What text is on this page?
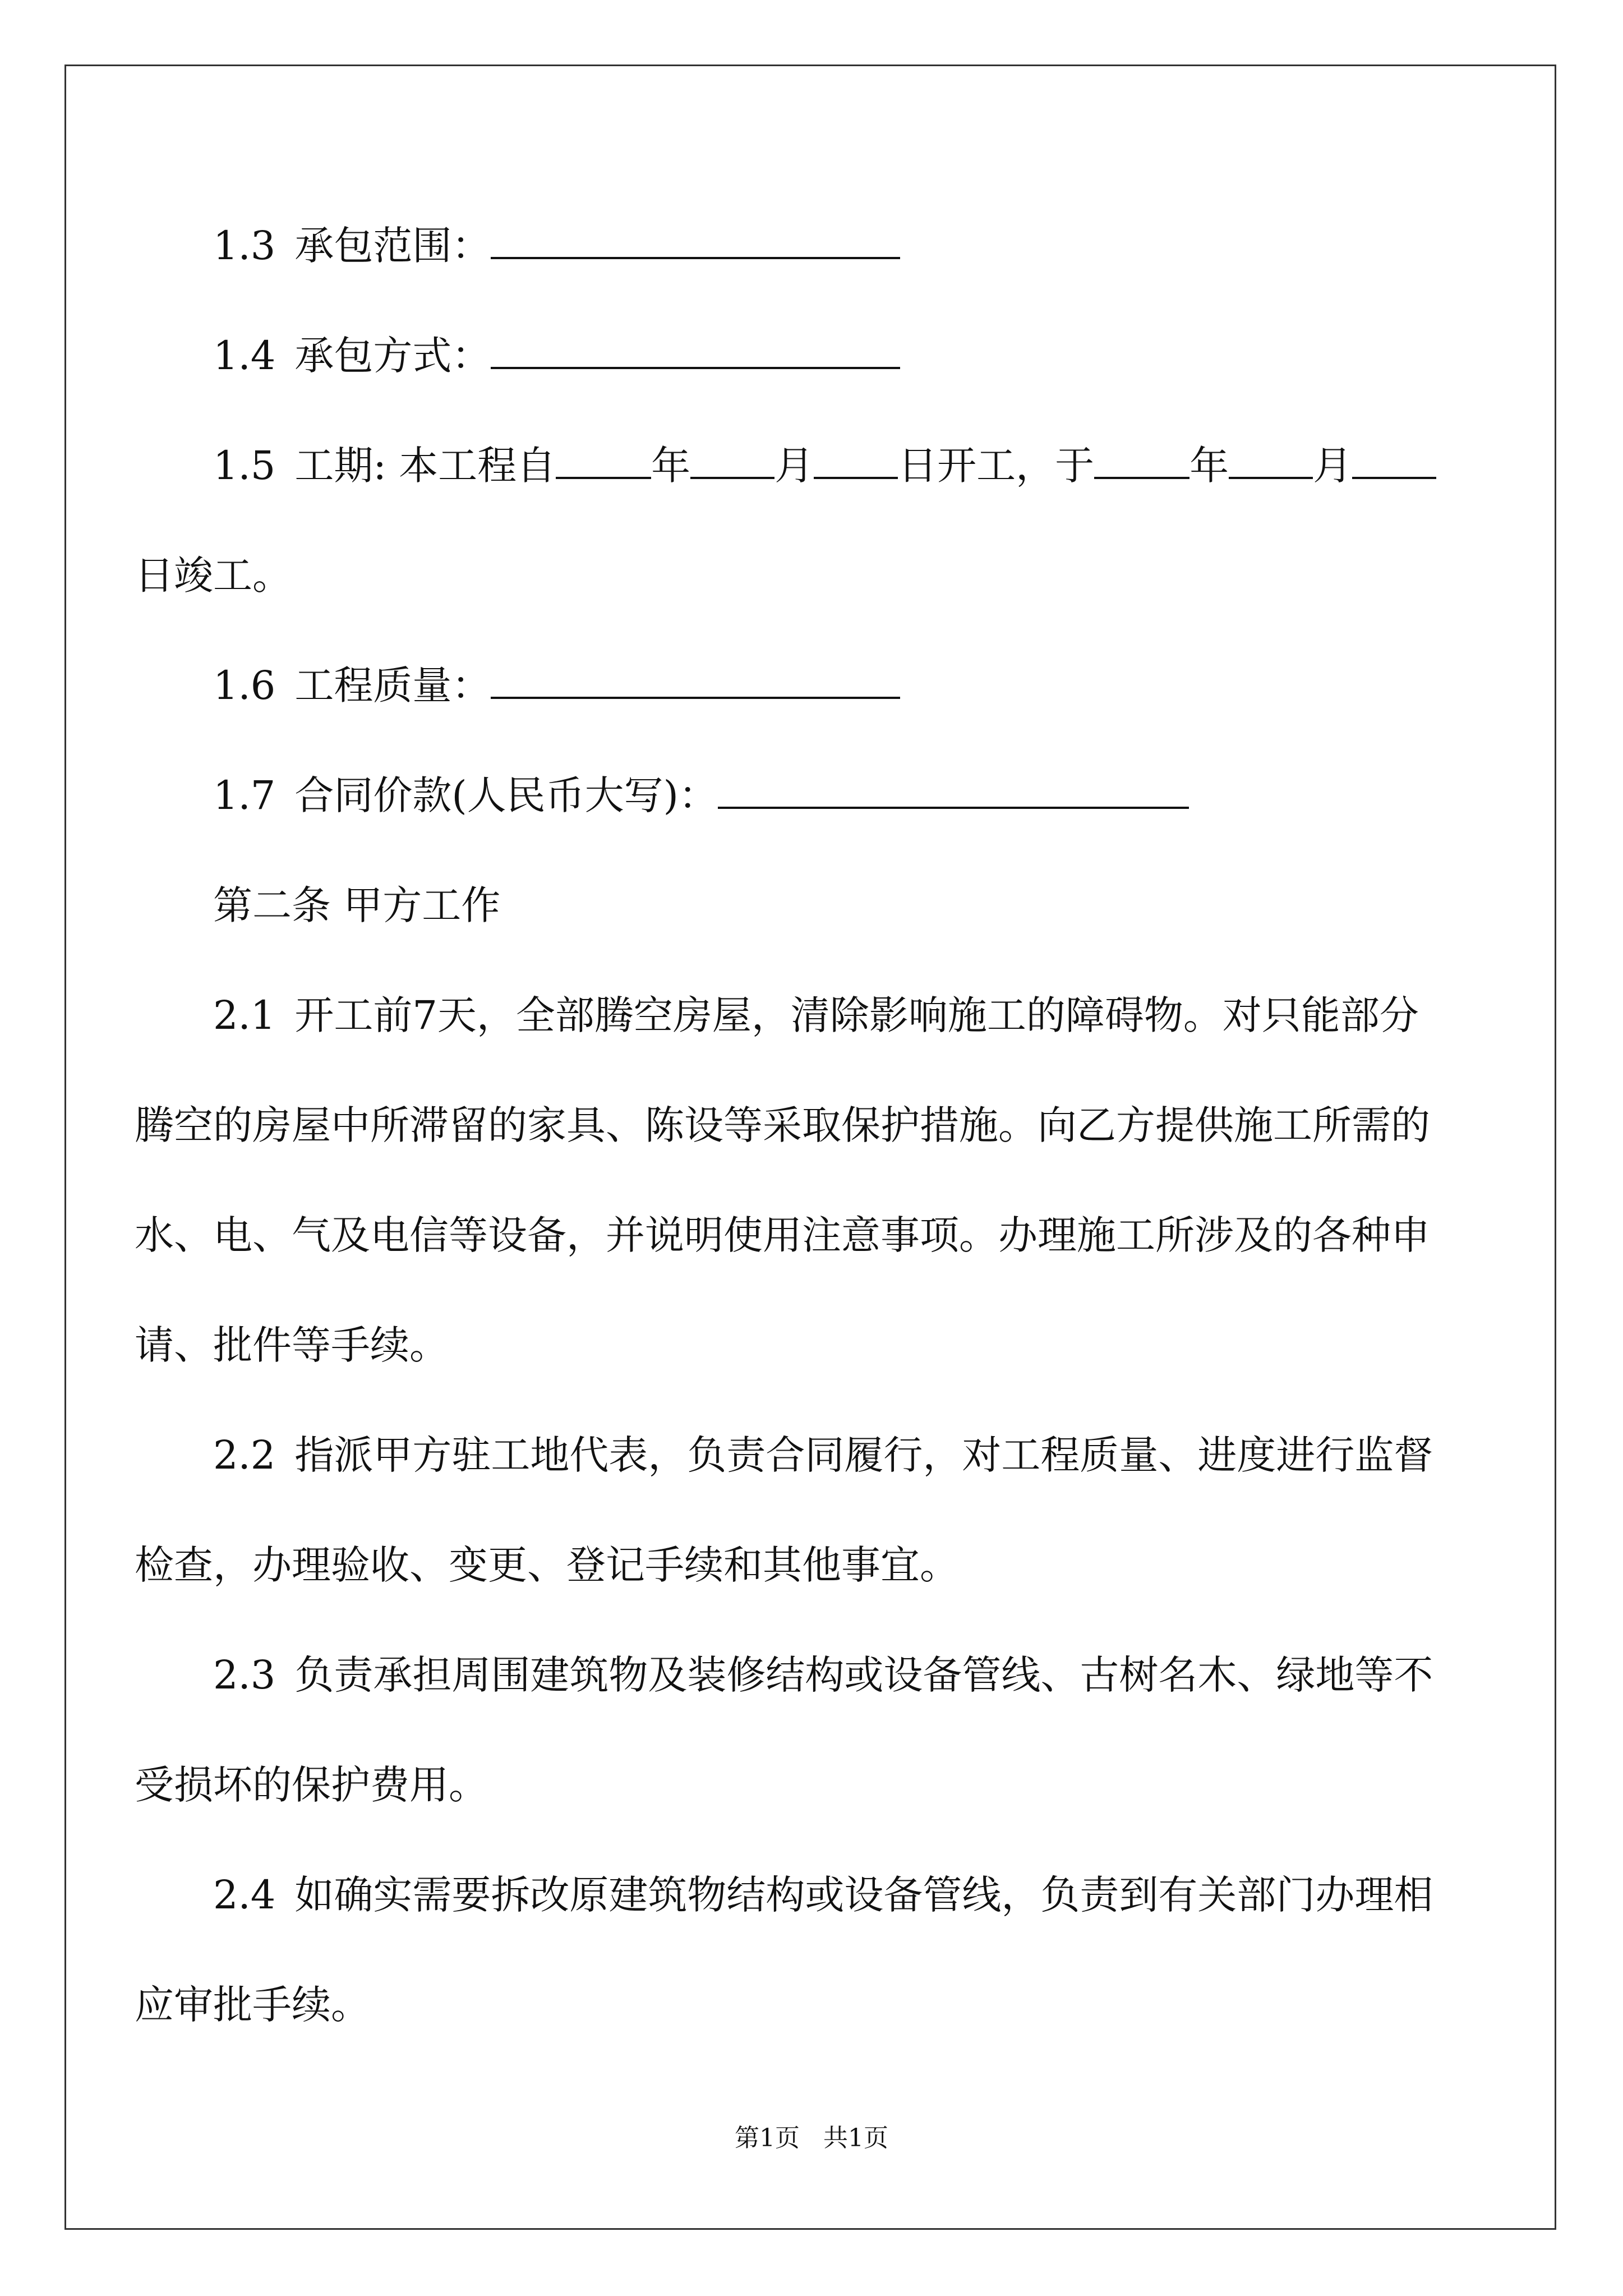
1.3 承包范围：

1.4 承包方式：

1.5 工期: 本工程自 年 月 日开工，于 年 月日竣工。

1.6 工程质量：

1.7 合同价款(人民币大写)：

第二条 甲方工作

2.1 开工前7天，全部腾空房屋，清除影响施工的障碍物。对只能部分腾空的房屋中所滞留的家具、陈设等采取保护措施。向乙方提供施工所需的水、电、气及电信等设备，并说明使用注意事项。办理施工所涉及的各种申请、批件等手续。

2.2 指派甲方驻工地代表，负责合同履行，对工程质量、进度进行监督检查，办理验收、变更、登记手续和其他事宜。

2.3 负责承担周围建筑物及装修结构或设备管线、古树名木、绿地等不受损坏的保护费用。

2.4 如确实需要拆改原建筑物结构或设备管线，负责到有关部门办理相应审批手续。

第1页   共1页
